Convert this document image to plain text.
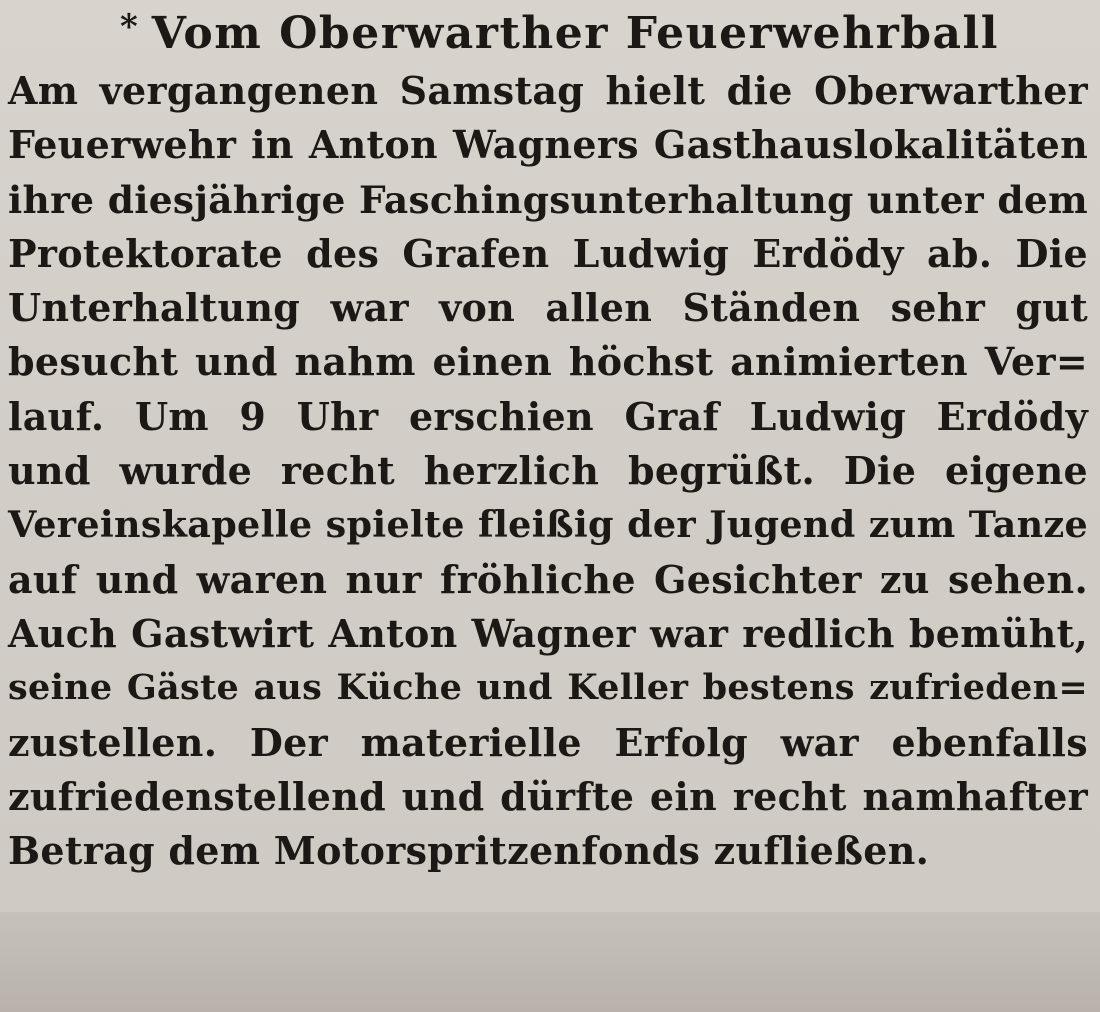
* Vom Oberwarther Feuerwehrball
Am vergangenen Samstag hielt die Oberwarther
Feuerwehr in Anton Wagners Gasthauslokalitäten
ihre diesjährige Faschingsunterhaltung unter dem
Protektorate des Grafen Ludwig Erdödy ab. Die
Unterhaltung war von allen Ständen sehr gut
besucht und nahm einen höchst animierten Ver=
lauf. Um 9 Uhr erschien Graf Ludwig Erdödy
und wurde recht herzlich begrüßt. Die eigene
Vereinskapelle spielte fleißig der Jugend zum Tanze
auf und waren nur fröhliche Gesichter zu sehen.
Auch Gastwirt Anton Wagner war redlich bemüht,
seine Gäste aus Küche und Keller bestens zufrieden=
zustellen. Der materielle Erfolg war ebenfalls
zufriedenstellend und dürfte ein recht namhafter
Betrag dem Motorspritzenfonds zufließen.
